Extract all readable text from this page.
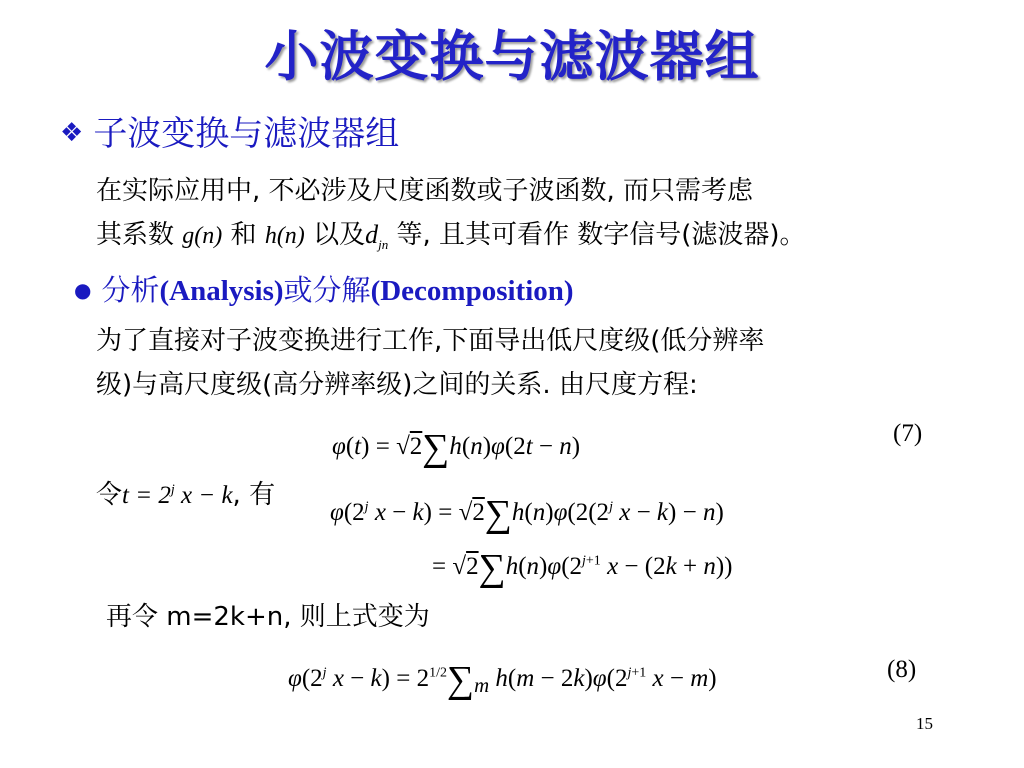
小波变换与滤波器组
❖ 子波变换与滤波器组
在实际应用中, 不必涉及尺度函数或子波函数, 而只需考虑
其系数 g(n) 和 h(n) 以及$d_{jn}$ 等, 且其可看作 数字信号(滤波器)。
● 分析(Analysis)或分解(Decomposition)
为了直接对子波变换进行工作,下面导出低尺度级(低分辨率
级)与高尺度级(高分辨率级)之间的关系. 由尺度方程:
φ(t) = √2∑h(n)φ(2t − n)	(7)
令$t = 2^j$ x − k, 有
φ(2$^j$ $x - k) = √2\sum h(n)\varphi(2(2^j$ x − k) − n)
= $√2\sum h(n)\varphi(2^{j+1}$ x − (2k + n))
再令 m=2k+n, 则上式变为
φ(2$^j$ $x - k) = 2^{1/2}\sum_m$ $h(m - 2k)\varphi(2^{j+1}$ x − m)	(8)
15
